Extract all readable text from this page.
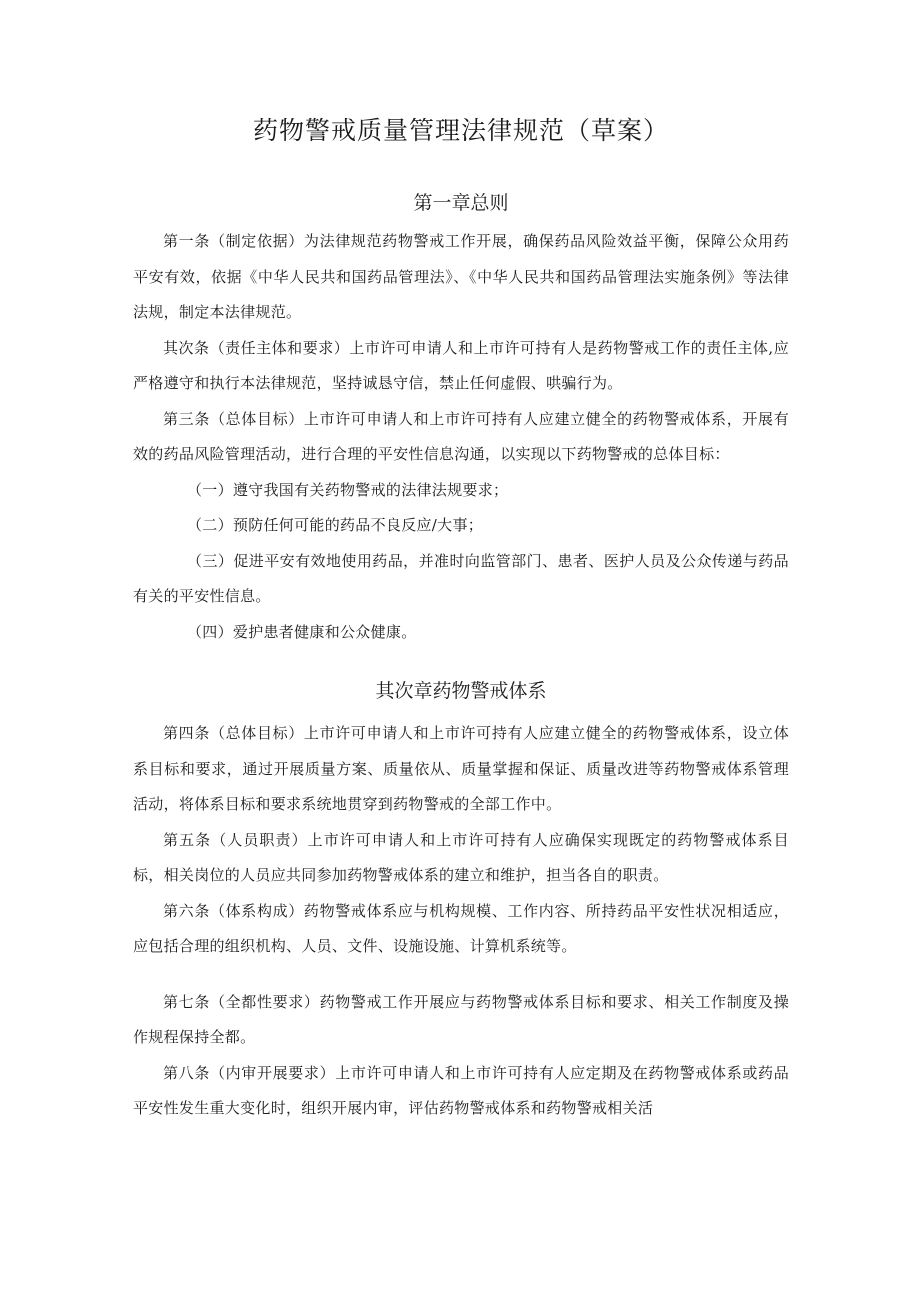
药物警戒质量管理法律规范（草案）
第一章总则

第一条（制定依据）为法律规范药物警戒工作开展，确保药品风险效益平衡，保障公众用药平安有效，依据《中华人民共和国药品管理法》、《中华人民共和国药品管理法实施条例》等法律法规，制定本法律规范。

其次条（责任主体和要求）上市许可申请人和上市许可持有人是药物警戒工作的责任主体,应严格遵守和执行本法律规范，坚持诚恳守信，禁止任何虚假、哄骗行为。

第三条（总体目标）上市许可申请人和上市许可持有人应建立健全的药物警戒体系，开展有效的药品风险管理活动，进行合理的平安性信息沟通，以实现以下药物警戒的总体目标：

（一）遵守我国有关药物警戒的法律法规要求；

（二）预防任何可能的药品不良反应/大事；

（三）促进平安有效地使用药品，并准时向监管部门、患者、医护人员及公众传递与药品有关的平安性信息。

（四）爱护患者健康和公众健康。

其次章药物警戒体系

第四条（总体目标）上市许可申请人和上市许可持有人应建立健全的药物警戒体系，设立体系目标和要求，通过开展质量方案、质量依从、质量掌握和保证、质量改进等药物警戒体系管理活动，将体系目标和要求系统地贯穿到药物警戒的全部工作中。

第五条（人员职责）上市许可申请人和上市许可持有人应确保实现既定的药物警戒体系目标，相关岗位的人员应共同参加药物警戒体系的建立和维护，担当各自的职责。

第六条（体系构成）药物警戒体系应与机构规模、工作内容、所持药品平安性状况相适应，应包括合理的组织机构、人员、文件、设施设施、计算机系统等。

第七条（全都性要求）药物警戒工作开展应与药物警戒体系目标和要求、相关工作制度及操作规程保持全都。

第八条（内审开展要求）上市许可申请人和上市许可持有人应定期及在药物警戒体系或药品平安性发生重大变化时，组织开展内审，评估药物警戒体系和药物警戒相关活
